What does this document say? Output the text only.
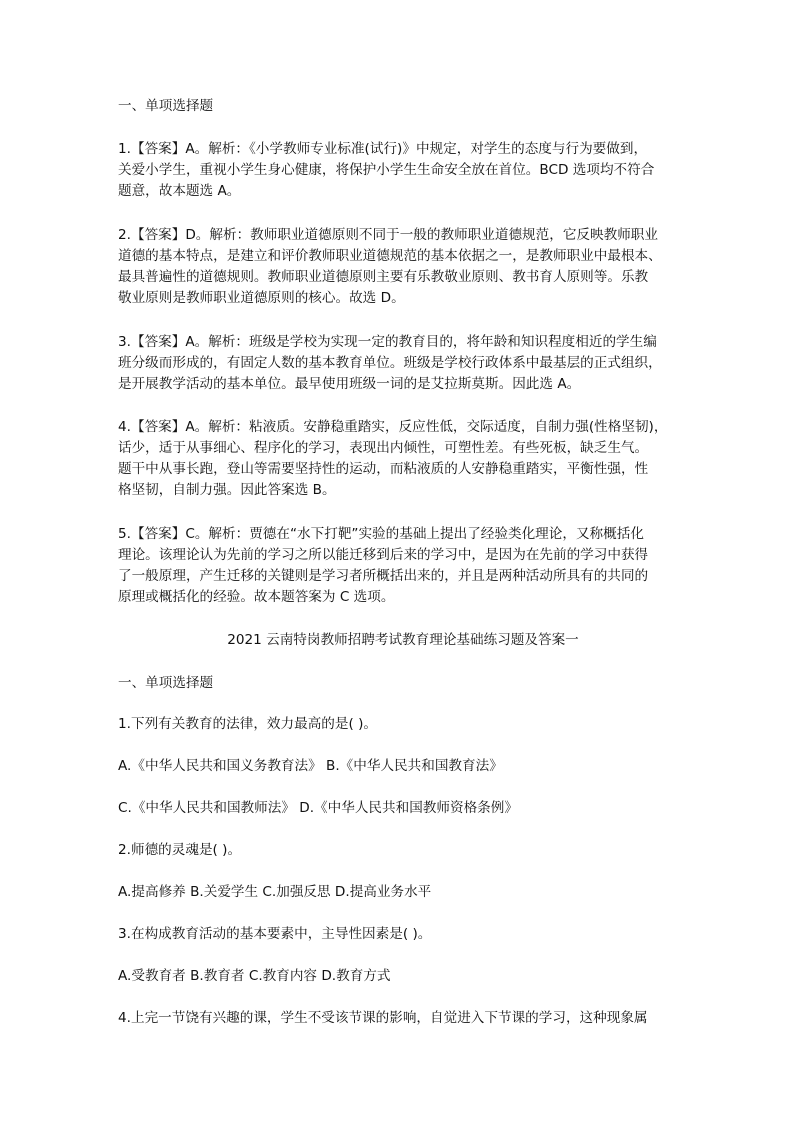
一、单项选择题
1.【答案】A。解析：《小学教师专业标准(试行)》中规定，对学生的态度与行为要做到，
关爱小学生，重视小学生身心健康，将保护小学生生命安全放在首位。BCD 选项均不符合
题意，故本题选 A。
2.【答案】D。解析：教师职业道德原则不同于一般的教师职业道德规范，它反映教师职业
道德的基本特点，是建立和评价教师职业道德规范的基本依据之一，是教师职业中最根本、
最具普遍性的道德规则。教师职业道德原则主要有乐教敬业原则、教书育人原则等。乐教
敬业原则是教师职业道德原则的核心。故选 D。
3.【答案】A。解析：班级是学校为实现一定的教育目的，将年龄和知识程度相近的学生编
班分级而形成的，有固定人数的基本教育单位。班级是学校行政体系中最基层的正式组织，
是开展教学活动的基本单位。最早使用班级一词的是艾拉斯莫斯。因此选 A。
4.【答案】A。解析：粘液质。安静稳重踏实，反应性低，交际适度，自制力强(性格坚韧)，
话少，适于从事细心、程序化的学习，表现出内倾性，可塑性差。有些死板，缺乏生气。
题干中从事长跑，登山等需要坚持性的运动，而粘液质的人安静稳重踏实，平衡性强，性
格坚韧，自制力强。因此答案选 B。
5.【答案】C。解析：贾德在“水下打靶”实验的基础上提出了经验类化理论，又称概括化
理论。该理论认为先前的学习之所以能迁移到后来的学习中，是因为在先前的学习中获得
了一般原理，产生迁移的关键则是学习者所概括出来的，并且是两种活动所具有的共同的
原理或概括化的经验。故本题答案为 C 选项。
2021 云南特岗教师招聘考试教育理论基础练习题及答案一
一、单项选择题
1.下列有关教育的法律，效力最高的是( )。
A.《中华人民共和国义务教育法》 B.《中华人民共和国教育法》
C.《中华人民共和国教师法》 D.《中华人民共和国教师资格条例》
2.师德的灵魂是( )。
A.提高修养 B.关爱学生 C.加强反思 D.提高业务水平
3.在构成教育活动的基本要素中，主导性因素是( )。
A.受教育者 B.教育者 C.教育内容 D.教育方式
4.上完一节饶有兴趣的课，学生不受该节课的影响，自觉进入下节课的学习，这种现象属
